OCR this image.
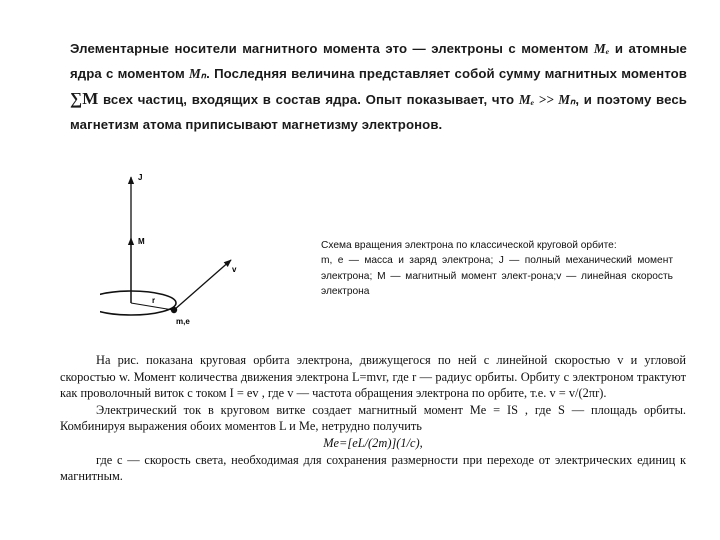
Элементарные носители магнитного момента это — электроны с моментом Mₑ и атомные ядра с моментом Mₙ. Последняя величина представляет собой сумму магнитных моментов ∑M всех частиц, входящих в состав ядра. Опыт показывает, что Mₑ >> Mₙ, и поэтому весь магнетизм атома приписывают магнетизму электронов.

J
M
v
r
m,e
Схема вращения электрона по классической круговой орбите:
m, e — масса и заряд электрона; J — полный механический момент электрона; M — магнитный момент элект-рона;v — линейная скорость электрона

На рис. показана круговая орбита электрона, движущегося по ней с линейной скоростью v и угловой скоростью w. Момент количества движения электрона L=mvr, где r — радиус орбиты. Орбиту с электроном трактуют как проволочный виток с током I = ev , где v — частота обращения электрона по орбите, т.е. v = v/(2πr).

Электрический ток в круговом витке создает магнитный момент Me = IS , где S — площадь орбиты. Комбинируя выражения обоих моментов L и Me, нетрудно получить

Me=[eL/(2m)](1/c),

где c — скорость света, необходимая для сохранения размерности при переходе от электрических единиц к магнитным.
